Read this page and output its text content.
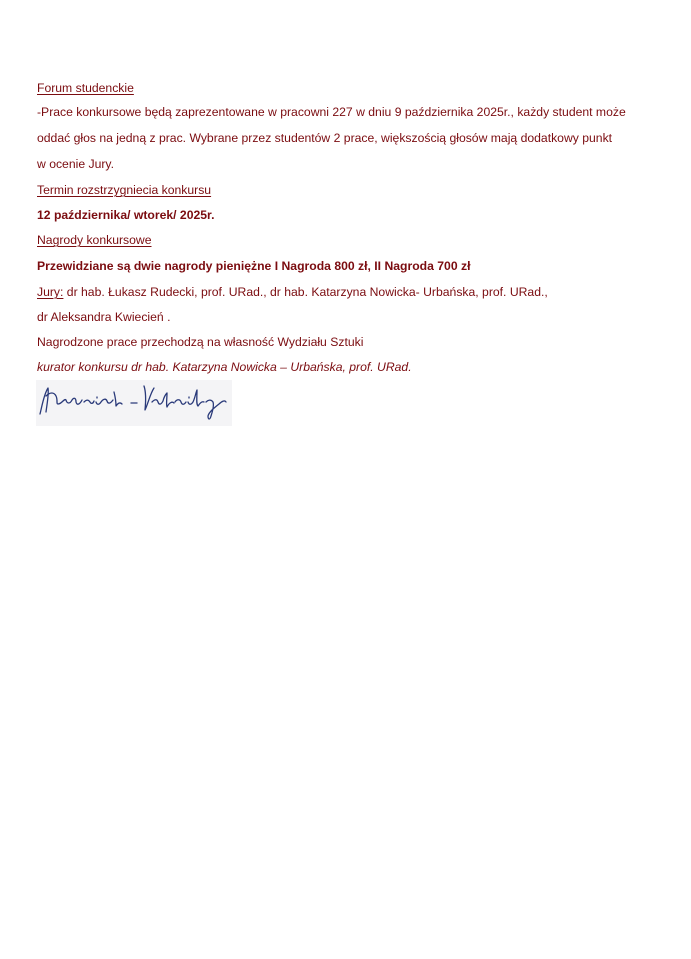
Forum studenckie
-Prace konkursowe będą zaprezentowane w pracowni 227 w dniu 9 października 2025r., każdy student może
oddać głos na jedną z prac. Wybrane przez studentów 2 prace, większością głosów mają dodatkowy punkt
w ocenie Jury.
Termin rozstrzygniecia konkursu
12 października/ wtorek/ 2025r.
Nagrody konkursowe
Przewidziane są dwie nagrody pieniężne I Nagroda 800 zł, II Nagroda 700 zł
Jury: dr hab. Łukasz Rudecki, prof. URad., dr hab. Katarzyna Nowicka- Urbańska, prof. URad.,
dr Aleksandra Kwiecień .
Nagrodzone prace przechodzą na własność Wydziału Sztuki
kurator konkursu dr hab. Katarzyna Nowicka – Urbańska, prof. URad.
